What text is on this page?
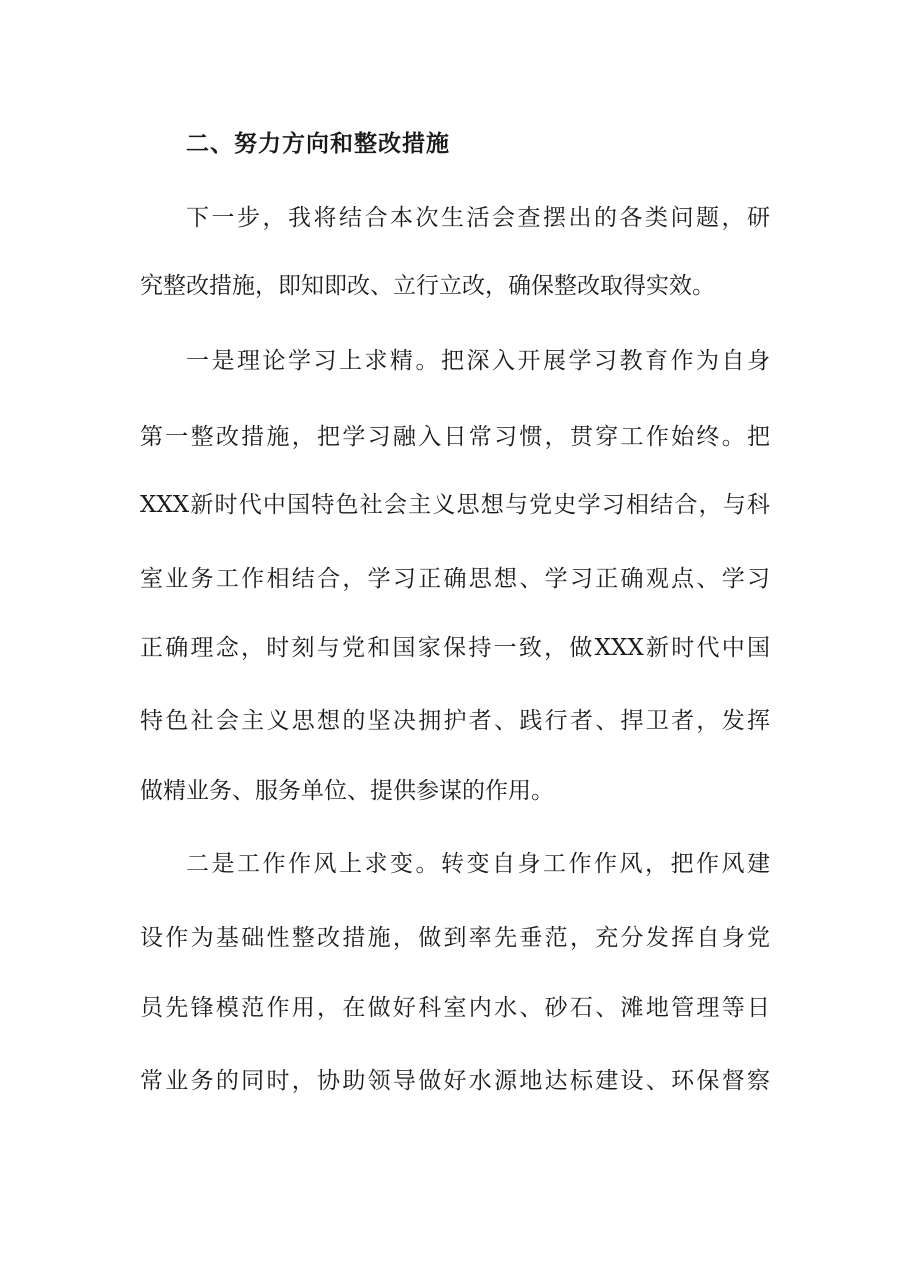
二、努力方向和整改措施
下一步，我将结合本次生活会查摆出的各类问题，研
究整改措施，即知即改、立行立改，确保整改取得实效。
一是理论学习上求精。把深入开展学习教育作为自身
第一整改措施，把学习融入日常习惯，贯穿工作始终。把
XXX新时代中国特色社会主义思想与党史学习相结合，与科
室业务工作相结合，学习正确思想、学习正确观点、学习
正确理念，时刻与党和国家保持一致，做XXX新时代中国
特色社会主义思想的坚决拥护者、践行者、捍卫者，发挥
做精业务、服务单位、提供参谋的作用。
二是工作作风上求变。转变自身工作作风，把作风建
设作为基础性整改措施，做到率先垂范，充分发挥自身党
员先锋模范作用，在做好科室内水、砂石、滩地管理等日
常业务的同时，协助领导做好水源地达标建设、环保督察
